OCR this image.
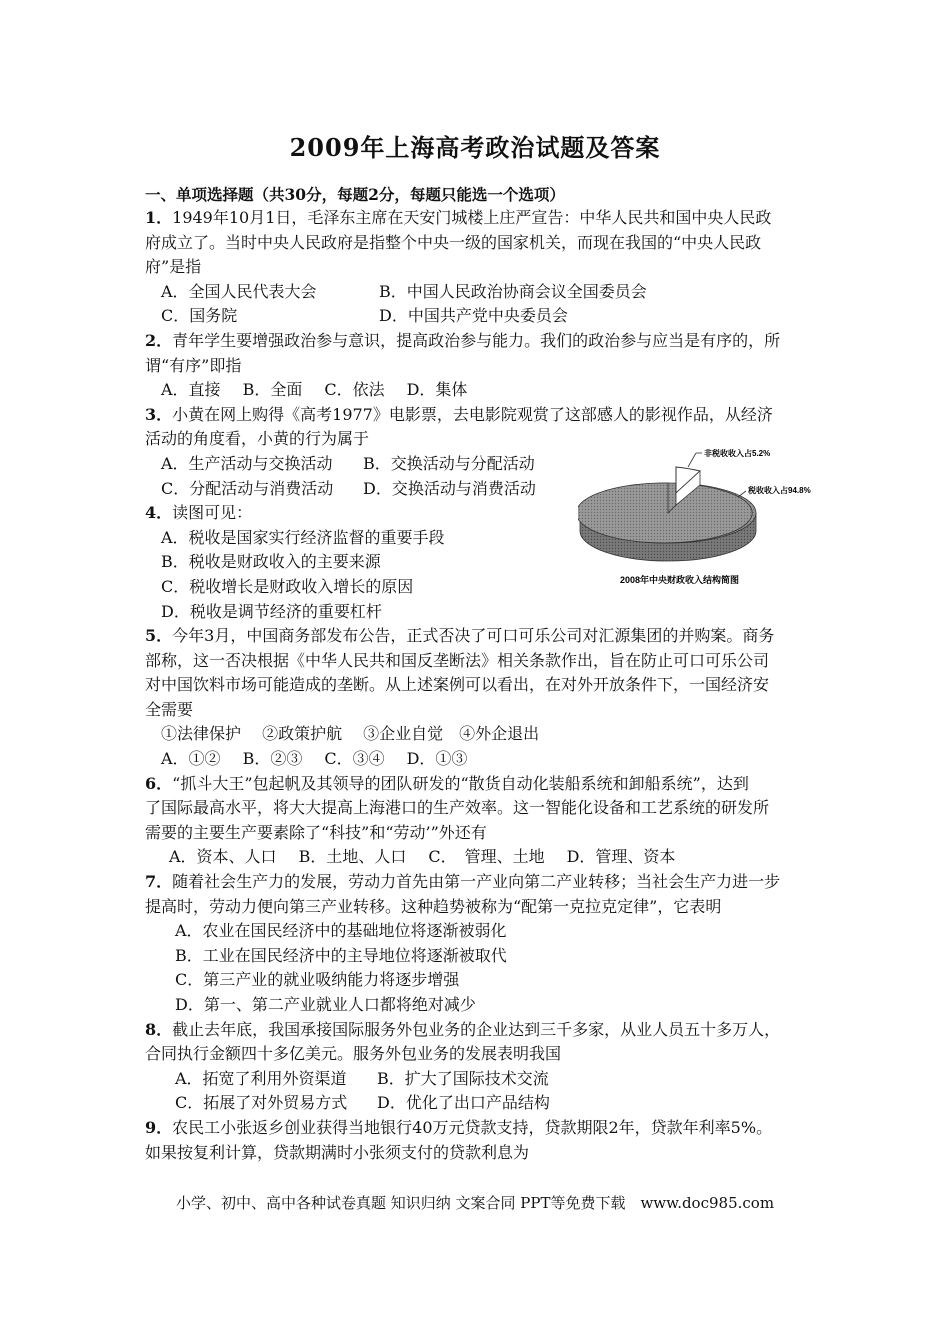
2009年上海高考政治试题及答案
一、单项选择题（共30分，每题2分，每题只能选一个选项）

1．1949年10月1日，毛泽东主席在天安门城楼上庄严宣告：中华人民共和国中央人民政

府成立了。当时中央人民政府是指整个中央一级的国家机关，而现在我国的“中央人民政

府”是指

A．全国人民代表大会	B．中国人民政治协商会议全国委员会
C．国务院	D．中国共产党中央委员会

2．青年学生要增强政治参与意识，提高政治参与能力。我们的政治参与应当是有序的，所

谓“有序”即指

A．直接 B．全面 C．依法 D．集体

3．小黄在网上购得《高考1977》电影票，去电影院观赏了这部感人的影视作品，从经济

活动的角度看，小黄的行为属于

A．生产活动与交换活动	B．交换活动与分配活动
C．分配活动与消费活动	D．交换活动与消费活动

4．读图可见：

A．税收是国家实行经济监督的重要手段

B．税收是财政收入的主要来源

C．税收增长是财政收入增长的原因

D．税收是调节经济的重要杠杆

非税收收入占5.2%
税收收入占94.8%
2008年中央财政收入结构简图

5．今年3月，中国商务部发布公告，正式否决了可口可乐公司对汇源集团的并购案。商务

部称，这一否决根据《中华人民共和国反垄断法》相关条款作出，旨在防止可口可乐公司

对中国饮料市场可能造成的垄断。从上述案例可以看出，在对外开放条件下，一国经济安

全需要

①法律保护　 ②政策护航　 ③企业自觉　④外企退出

A．①② B．②③ C．③④ D．①③

6．“抓斗大王”包起帆及其领导的团队研发的“散货自动化装船系统和卸船系统”，达到

了国际最高水平，将大大提高上海港口的生产效率。这一智能化设备和工艺系统的研发所

需要的主要生产要素除了“科技”和“劳动’”外还有

A．资本、人口 B．土地、人口 C．　管理、土地 D．管理、资本

7．随着社会生产力的发展，劳动力首先由第一产业向第二产业转移；当社会生产力进一步

提高时，劳动力便向第三产业转移。这种趋势被称为“配第一克拉克定律”，它表明

A．农业在国民经济中的基础地位将逐渐被弱化

B．工业在国民经济中的主导地位将逐渐被取代

C．第三产业的就业吸纳能力将逐步增强

D．第一、第二产业就业人口都将绝对减少

8．截止去年底，我国承接国际服务外包业务的企业达到三千多家，从业人员五十多万人，

合同执行金额四十多亿美元。服务外包业务的发展表明我国

A．拓宽了利用外资渠道	B．扩大了国际技术交流
C．拓展了对外贸易方式	D．优化了出口产品结构

9．农民工小张返乡创业获得当地银行40万元贷款支持，贷款期限2年，贷款年利率5%。

如果按复利计算，贷款期满时小张须支付的贷款利息为

小学、初中、高中各种试卷真题 知识归纳 文案合同 PPT等免费下载　www.doc985.com
